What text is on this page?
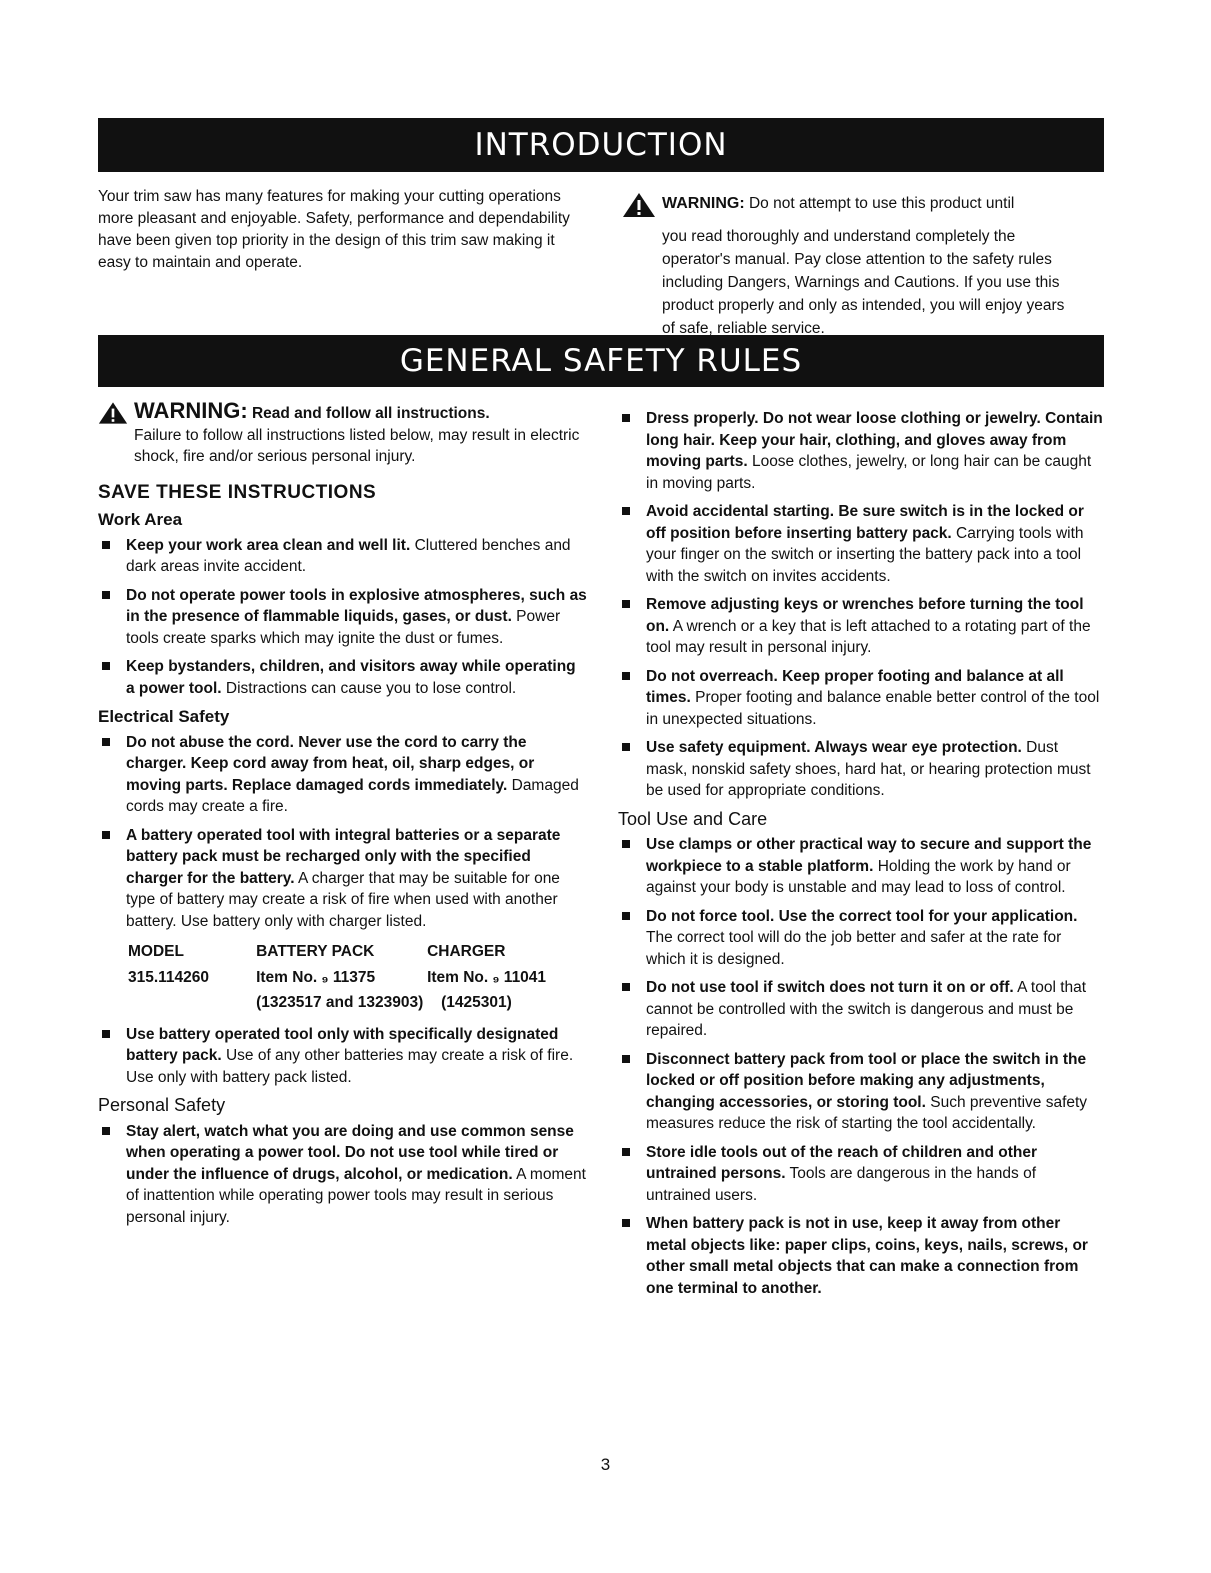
INTRODUCTION
GENERAL SAFETY RULES
Your trim saw has many features for making your cutting operations more pleasant and enjoyable. Safety, performance and dependability have been given top priority in the design of this trim saw making it easy to maintain and operate.
WARNING: Do not attempt to use this product until
you read thoroughly and understand completely the operator's manual. Pay close attention to the safety rules including Dangers, Warnings and Cautions. If you use this product properly and only as intended, you will enjoy years of safe, reliable service.
WARNING: Read and follow all instructions.
Failure to follow all instructions listed below, may result in electric shock, fire and/or serious personal injury.
SAVE THESE INSTRUCTIONS
Work Area
Keep your work area clean and well lit. Cluttered benches and dark areas invite accident.
Do not operate power tools in explosive atmospheres, such as in the presence of flammable liquids, gases, or dust. Power tools create sparks which may ignite the dust or fumes.
Keep bystanders, children, and visitors away while operating a power tool. Distractions can cause you to lose control.
Electrical Safety
Do not abuse the cord. Never use the cord to carry the charger. Keep cord away from heat, oil, sharp edges, or moving parts. Replace damaged cords immediately. Damaged cords may create a fire.
A battery operated tool with integral batteries or a separate battery pack must be recharged only with the specified charger for the battery. A charger that may be suitable for one type of battery may create a risk of fire when used with another battery. Use battery only with charger listed.
MODEL	BATTERY PACK	CHARGER
315.114260	Item No. ₉ 11375	Item No. ₉ 11041
	(1323517 and 1323903)	(1425301)
Use battery operated tool only with specifically designated battery pack. Use of any other batteries may create a risk of fire. Use only with battery pack listed.
Personal Safety
Stay alert, watch what you are doing and use common sense when operating a power tool. Do not use tool while tired or under the influence of drugs, alcohol, or medication. A moment of inattention while operating power tools may result in serious personal injury.
Dress properly. Do not wear loose clothing or jewelry. Contain long hair. Keep your hair, clothing, and gloves away from moving parts. Loose clothes, jewelry, or long hair can be caught in moving parts.
Avoid accidental starting. Be sure switch is in the locked or off position before inserting battery pack. Carrying tools with your finger on the switch or inserting the battery pack into a tool with the switch on invites accidents.
Remove adjusting keys or wrenches before turning the tool on. A wrench or a key that is left attached to a rotating part of the tool may result in personal injury.
Do not overreach. Keep proper footing and balance at all times. Proper footing and balance enable better control of the tool in unexpected situations.
Use safety equipment. Always wear eye protection. Dust mask, nonskid safety shoes, hard hat, or hearing protection must be used for appropriate conditions.
Tool Use and Care
Use clamps or other practical way to secure and support the workpiece to a stable platform. Holding the work by hand or against your body is unstable and may lead to loss of control.
Do not force tool. Use the correct tool for your application. The correct tool will do the job better and safer at the rate for which it is designed.
Do not use tool if switch does not turn it on or off. A tool that cannot be controlled with the switch is dangerous and must be repaired.
Disconnect battery pack from tool or place the switch in the locked or off position before making any adjustments, changing accessories, or storing tool. Such preventive safety measures reduce the risk of starting the tool accidentally.
Store idle tools out of the reach of children and other untrained persons. Tools are dangerous in the hands of untrained users.
When battery pack is not in use, keep it away from other metal objects like: paper clips, coins, keys, nails, screws, or other small metal objects that can make a connection from one terminal to another.
3
